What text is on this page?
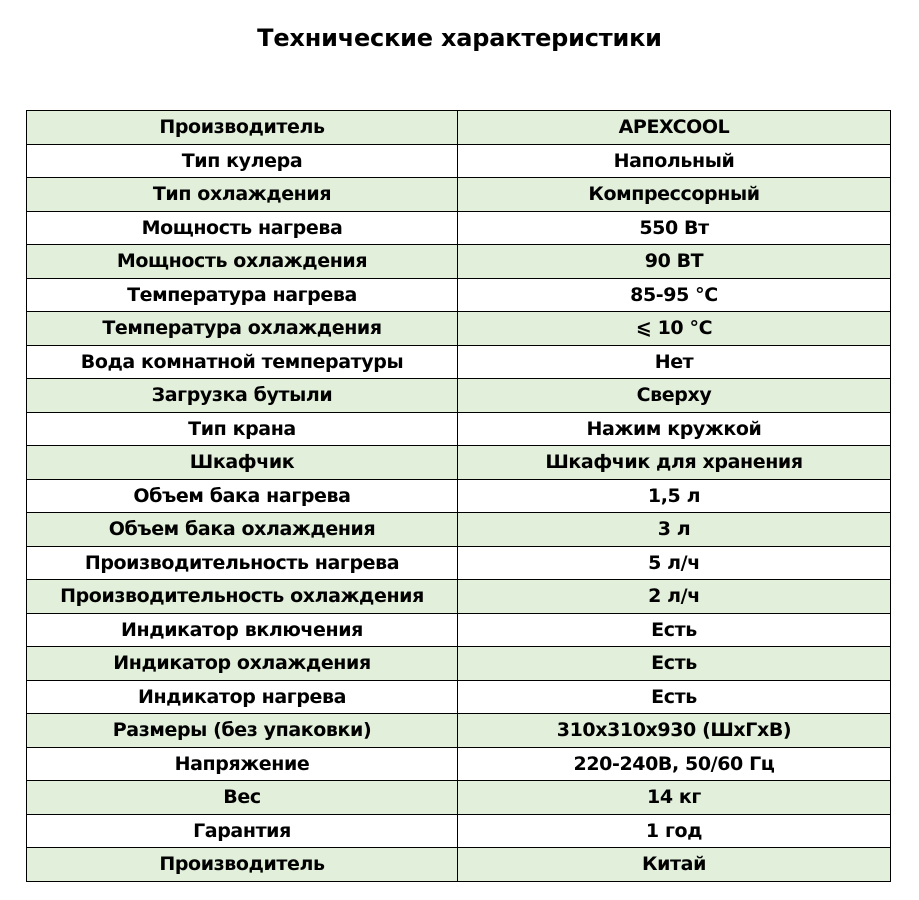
Технические характеристики
Производитель	APEXCOOL
Тип кулера	Напольный
Тип охлаждения	Компрессорный
Мощность нагрева	550 Вт
Мощность охлаждения	90 ВТ
Температура нагрева	85-95 °C
Температура охлаждения	⩽ 10 °C
Вода комнатной температуры	Нет
Загрузка бутыли	Сверху
Тип крана	Нажим кружкой
Шкафчик	Шкафчик для хранения
Объем бака нагрева	1,5 л
Объем бака охлаждения	3 л
Производительность нагрева	5 л/ч
Производительность охлаждения	2 л/ч
Индикатор включения	Есть
Индикатор охлаждения	Есть
Индикатор нагрева	Есть
Размеры (без упаковки)	310x310x930 (ШxГxВ)
Напряжение	220-240В, 50/60 Гц
Вес	14 кг
Гарантия	1 год
Производитель	Китай
